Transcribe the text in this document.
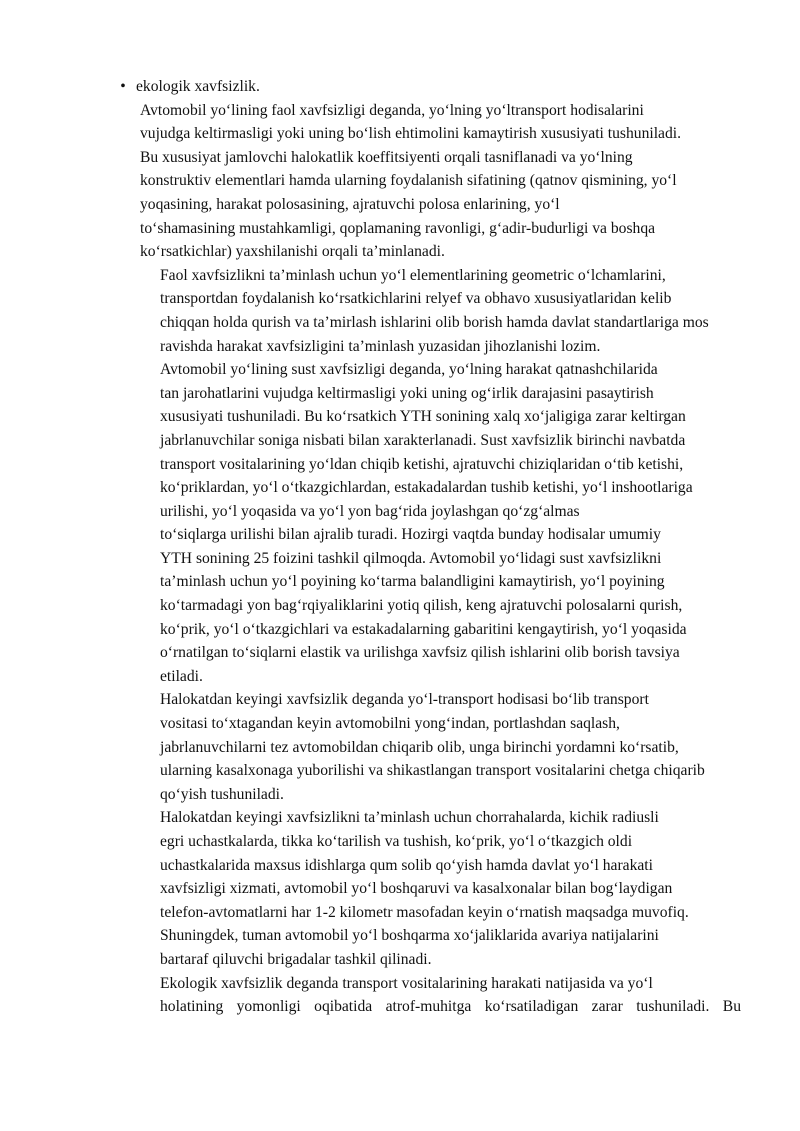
• ekologik xavfsizlik.

Avtomobil yo‘lining faol xavfsizligi deganda, yo‘lning yo‘ltransport hodisalarini
vujudga keltirmasligi yoki uning bo‘lish ehtimolini kamaytirish xususiyati tushuniladi.
Bu xususiyat jamlovchi halokatlik koeffitsiyenti orqali tasniflanadi va yo‘lning
konstruktiv elementlari hamda ularning foydalanish sifatining (qatnov qismining, yo‘l
yoqasining, harakat polosasining, ajratuvchi polosa enlarining, yo‘l
to‘shamasining mustahkamligi, qoplamaning ravonligi, g‘adir-budurligi va boshqa
ko‘rsatkichlar) yaxshilanishi orqali ta’minlanadi.

Faol xavfsizlikni ta’minlash uchun yo‘l elementlarining geometric o‘lchamlarini,
transportdan foydalanish ko‘rsatkichlarini relyef va obhavo xususiyatlaridan kelib
chiqqan holda qurish va ta’mirlash ishlarini olib borish hamda davlat standartlariga mos
ravishda harakat xavfsizligini ta’minlash yuzasidan jihozlanishi lozim.

Avtomobil yo‘lining sust xavfsizligi deganda, yo‘lning harakat qatnashchilarida
tan jarohatlarini vujudga keltirmasligi yoki uning og‘irlik darajasini pasaytirish
xususiyati tushuniladi. Bu ko‘rsatkich YTH sonining xalq xo‘jaligiga zarar keltirgan
jabrlanuvchilar soniga nisbati bilan xarakterlanadi. Sust xavfsizlik birinchi navbatda
transport vositalarining yo‘ldan chiqib ketishi, ajratuvchi chiziqlaridan o‘tib ketishi,
ko‘priklardan, yo‘l o‘tkazgichlardan, estakadalardan tushib ketishi, yo‘l inshootlariga
urilishi, yo‘l yoqasida va yo‘l yon bag‘rida joylashgan qo‘zg‘almas
to‘siqlarga urilishi bilan ajralib turadi. Hozirgi vaqtda bunday hodisalar umumiy
YTH sonining 25 foizini tashkil qilmoqda. Avtomobil yo‘lidagi sust xavfsizlikni
ta’minlash uchun yo‘l poyining ko‘tarma balandligini kamaytirish, yo‘l poyining
ko‘tarmadagi yon bag‘rqiyaliklarini yotiq qilish, keng ajratuvchi polosalarni qurish,
ko‘prik, yo‘l o‘tkazgichlari va estakadalarning gabaritini kengaytirish, yo‘l yoqasida
o‘rnatilgan to‘siqlarni elastik va urilishga xavfsiz qilish ishlarini olib borish tavsiya
etiladi.

Halokatdan keyingi xavfsizlik deganda yo‘l-transport hodisasi bo‘lib transport
vositasi to‘xtagandan keyin avtomobilni yong‘indan, portlashdan saqlash,
jabrlanuvchilarni tez avtomobildan chiqarib olib, unga birinchi yordamni ko‘rsatib,
ularning kasalxonaga yuborilishi va shikastlangan transport vositalarini chetga chiqarib
qo‘yish tushuniladi.

Halokatdan keyingi xavfsizlikni ta’minlash uchun chorrahalarda, kichik radiusli
egri uchastkalarda, tikka ko‘tarilish va tushish, ko‘prik, yo‘l o‘tkazgich oldi
uchastkalarida maxsus idishlarga qum solib qo‘yish hamda davlat yo‘l harakati
xavfsizligi xizmati, avtomobil yo‘l boshqaruvi va kasalxonalar bilan bog‘laydigan
telefon-avtomatlarni har 1-2 kilometr masofadan keyin o‘rnatish maqsadga muvofiq.
Shuningdek, tuman avtomobil yo‘l boshqarma xo‘jaliklarida avariya natijalarini
bartaraf qiluvchi brigadalar tashkil qilinadi.

Ekologik xavfsizlik deganda transport vositalarining harakati natijasida va yo‘l
holatining yomonligi oqibatida atrof-muhitga ko‘rsatiladigan zarar tushuniladi. Bu
